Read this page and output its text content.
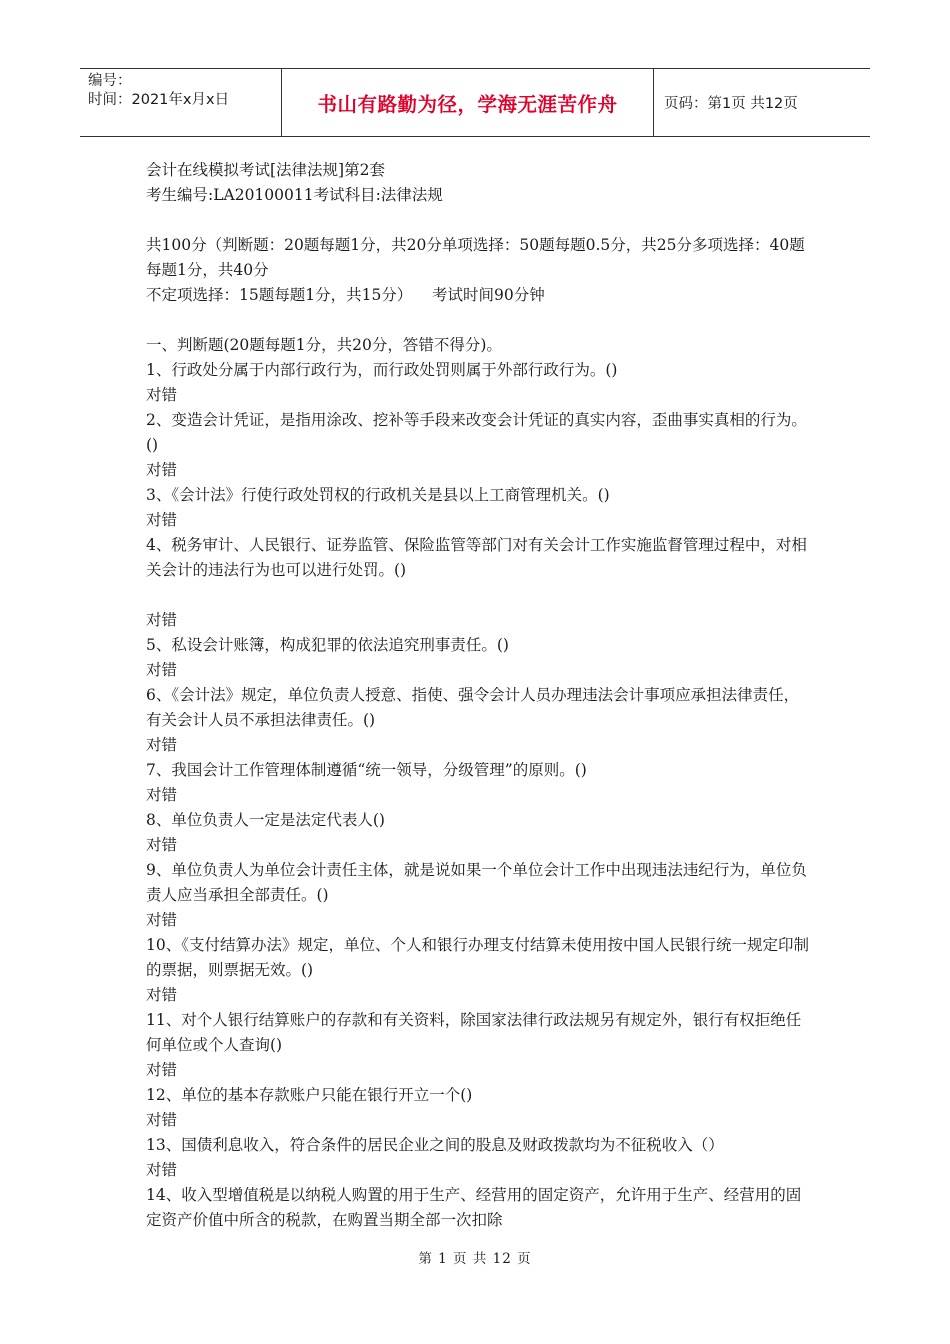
编号：
时间：2021年x月x日	书山有路勤为径，学海无涯苦作舟	页码：第1页 共12页
会计在线模拟考试[法律法规]第2套
考生编号:LA20100011考试科目:法律法规
共100分（判断题：20题每题1分，共20分单项选择：50题每题0.5分，共25分多项选择：40题每题1分，共40分
不定项选择：15题每题1分，共15分）    考试时间90分钟
一、判断题(20题每题1分，共20分，答错不得分)。
1、行政处分属于内部行政行为，而行政处罚则属于外部行政行为。()
对错
2、变造会计凭证，是指用涂改、挖补等手段来改变会计凭证的真实内容，歪曲事实真相的行为。()
对错
3、《会计法》行使行政处罚权的行政机关是县以上工商管理机关。()
对错
4、税务审计、人民银行、证券监管、保险监管等部门对有关会计工作实施监督管理过程中，对相关会计的违法行为也可以进行处罚。()
对错
5、私设会计账簿，构成犯罪的依法追究刑事责任。()
对错
6、《会计法》规定，单位负责人授意、指使、强令会计人员办理违法会计事项应承担法律责任，有关会计人员不承担法律责任。()
对错
7、我国会计工作管理体制遵循“统一领导，分级管理”的原则。()
对错
8、单位负责人一定是法定代表人()
对错
9、单位负责人为单位会计责任主体，就是说如果一个单位会计工作中出现违法违纪行为，单位负责人应当承担全部责任。()
对错
10、《支付结算办法》规定，单位、个人和银行办理支付结算未使用按中国人民银行统一规定印制的票据，则票据无效。()
对错
11、对个人银行结算账户的存款和有关资料，除国家法律行政法规另有规定外，银行有权拒绝任何单位或个人查询()
对错
12、单位的基本存款账户只能在银行开立一个()
对错
13、国债利息收入，符合条件的居民企业之间的股息及财政拨款均为不征税收入（）
对错
14、收入型增值税是以纳税人购置的用于生产、经营用的固定资产，允许用于生产、经营用的固定资产价值中所含的税款，在购置当期全部一次扣除
第 1 页 共 12 页
